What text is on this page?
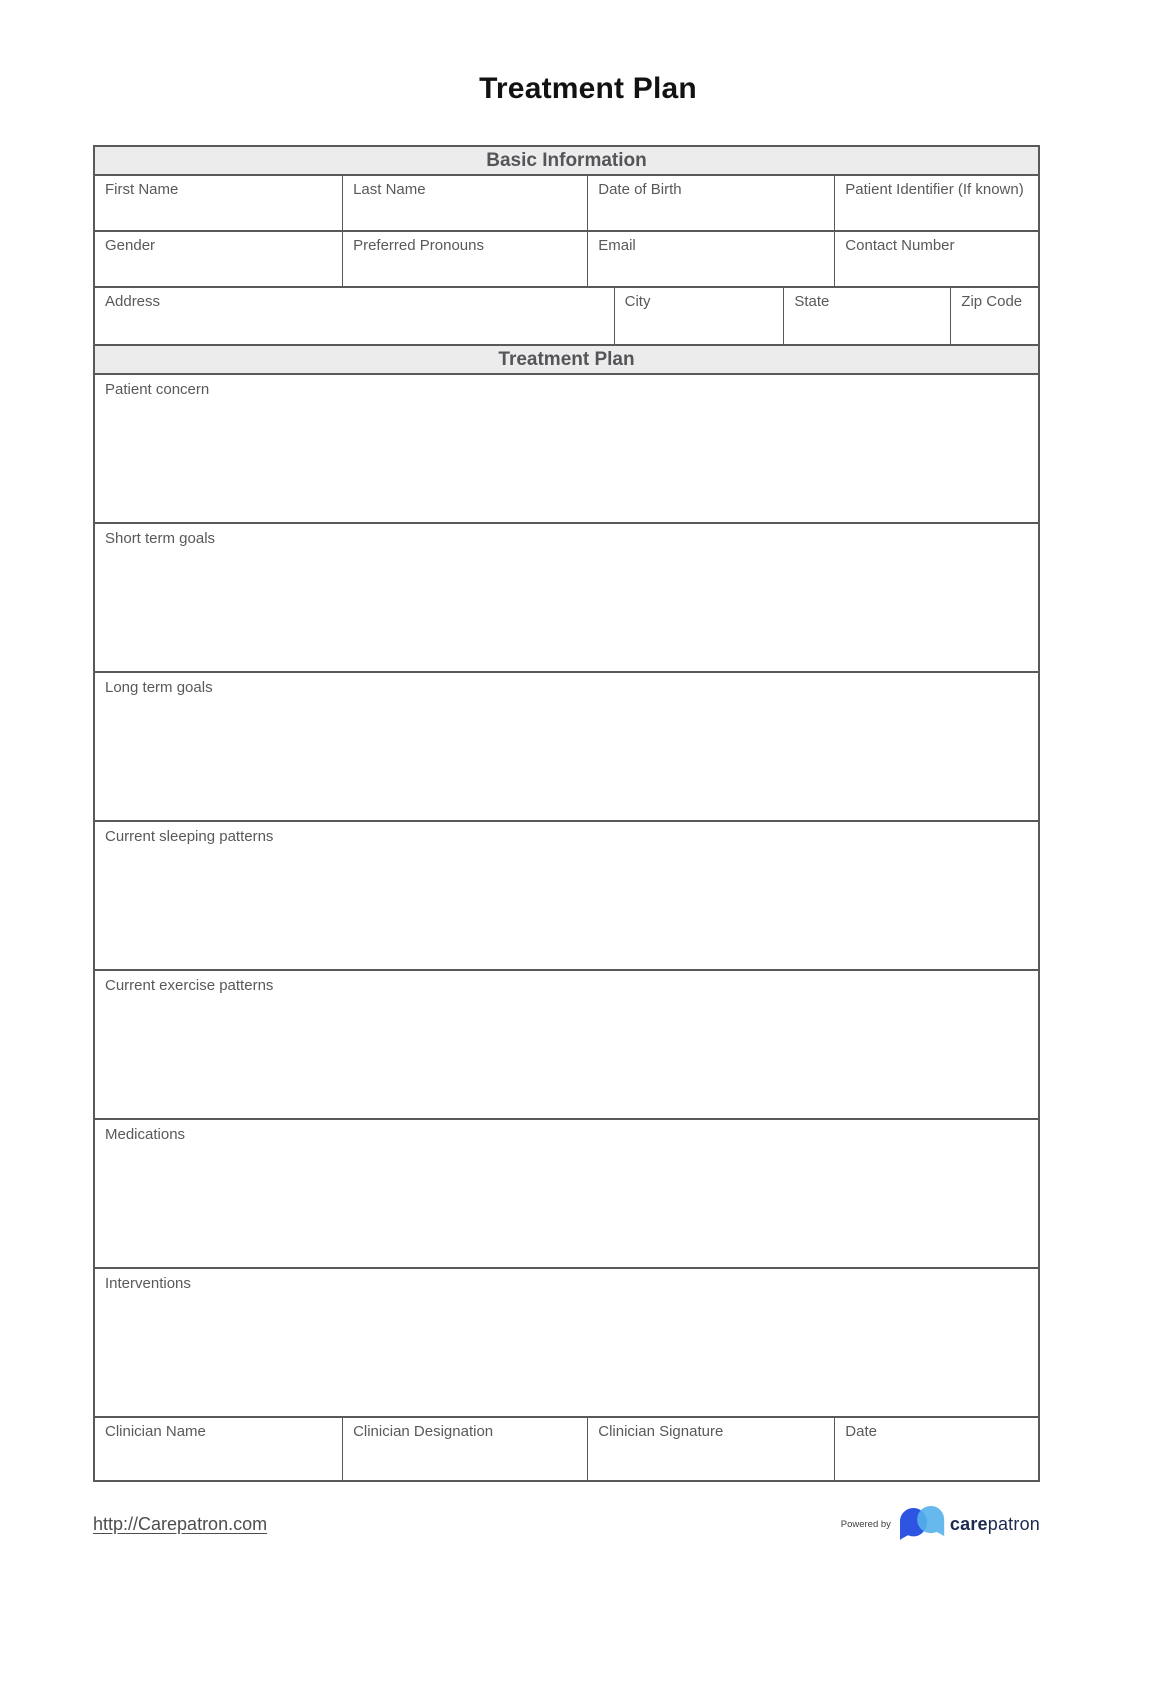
Treatment Plan
Basic Information
First Name	Last Name	Date of Birth	Patient Identifier (If known)
Gender	Preferred Pronouns	Email	Contact Number
Address	City	State	Zip Code
Treatment Plan
Patient concern
Short term goals
Long term goals
Current sleeping patterns
Current exercise patterns
Medications
Interventions
Clinician Name	Clinician Designation	Clinician Signature	Date
http://Carepatron.com	Powered by	carepatron
